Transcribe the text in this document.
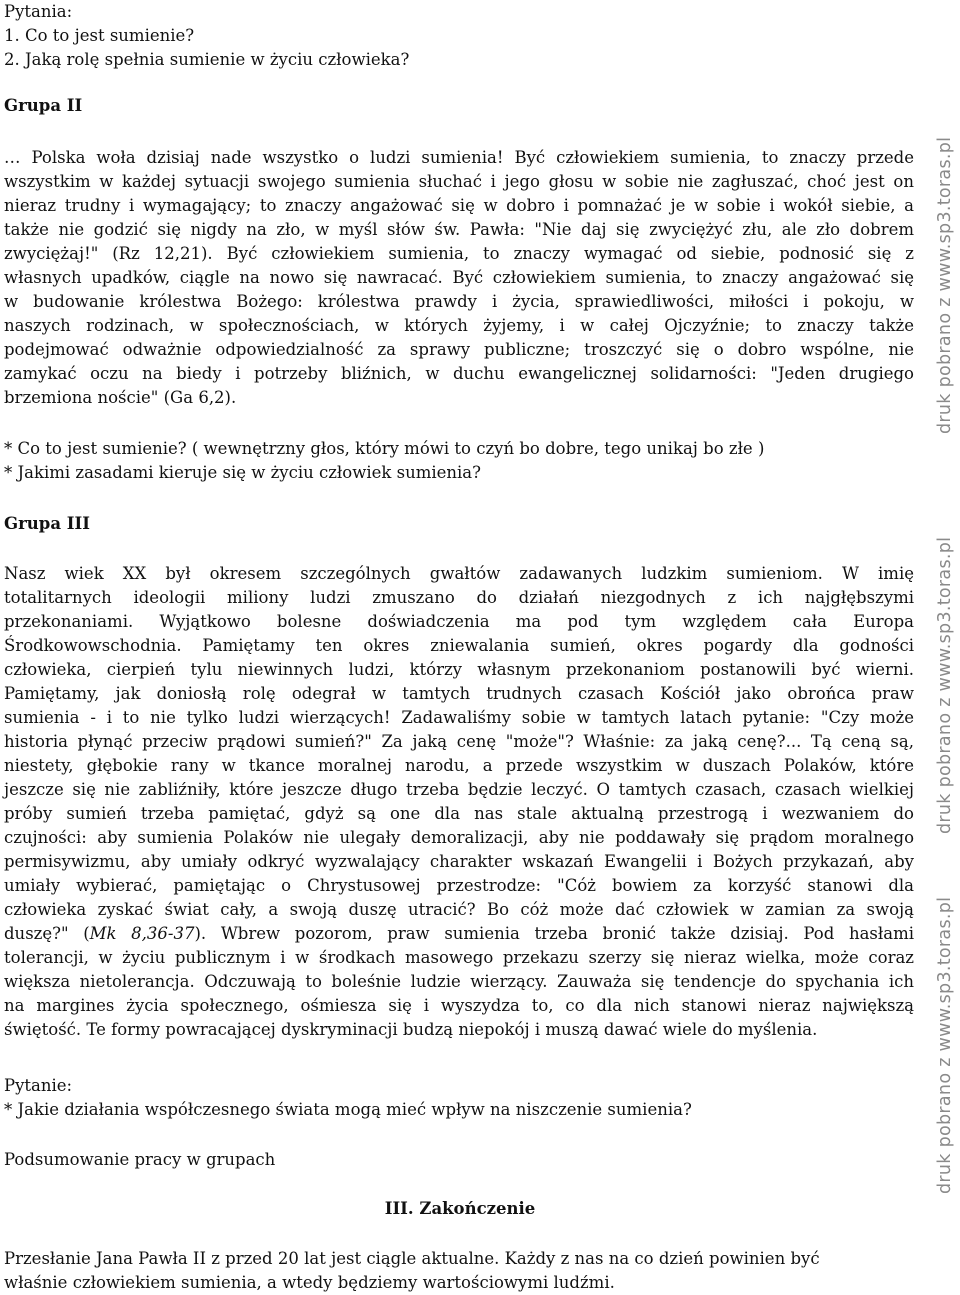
Pytania:
1. Co to jest sumienie?
2. Jaką rolę spełnia sumienie w życiu człowieka?
Grupa II
… Polska woła dzisiaj nade wszystko o ludzi sumienia! Być człowiekiem sumienia, to znaczy przede
wszystkim w każdej sytuacji swojego sumienia słuchać i jego głosu w sobie nie zagłuszać, choć jest on
nieraz trudny i wymagający; to znaczy angażować się w dobro i pomnażać je w sobie i wokół siebie, a
także nie godzić się nigdy na zło, w myśl słów św. Pawła: "Nie daj się zwyciężyć złu, ale zło dobrem
zwyciężaj!" (Rz 12,21). Być człowiekiem sumienia, to znaczy wymagać od siebie, podnosić się z
własnych upadków, ciągle na nowo się nawracać. Być człowiekiem sumienia, to znaczy angażować się
w budowanie królestwa Bożego: królestwa prawdy i życia, sprawiedliwości, miłości i pokoju, w
naszych rodzinach, w społecznościach, w których żyjemy, i w całej Ojczyźnie; to znaczy także
podejmować odważnie odpowiedzialność za sprawy publiczne; troszczyć się o dobro wspólne, nie
zamykać oczu na biedy i potrzeby bliźnich, w duchu ewangelicznej solidarności: "Jeden drugiego
brzemiona noście" (Ga 6,2).
* Co to jest sumienie? ( wewnętrzny głos, który mówi to czyń bo dobre, tego unikaj bo złe )
* Jakimi zasadami kieruje się w życiu człowiek sumienia?
Grupa III
Nasz wiek XX był okresem szczególnych gwałtów zadawanych ludzkim sumieniom. W imię
totalitarnych ideologii miliony ludzi zmuszano do działań niezgodnych z ich najgłębszymi
przekonaniami. Wyjątkowo bolesne doświadczenia ma pod tym względem cała Europa
Środkowowschodnia. Pamiętamy ten okres zniewalania sumień, okres pogardy dla godności
człowieka, cierpień tylu niewinnych ludzi, którzy własnym przekonaniom postanowili być wierni.
Pamiętamy, jak doniosłą rolę odegrał w tamtych trudnych czasach Kościół jako obrońca praw
sumienia - i to nie tylko ludzi wierzących! Zadawaliśmy sobie w tamtych latach pytanie: "Czy może
historia płynąć przeciw prądowi sumień?" Za jaką cenę "może"? Właśnie: za jaką cenę?... Tą ceną są,
niestety, głębokie rany w tkance moralnej narodu, a przede wszystkim w duszach Polaków, które
jeszcze się nie zabliźniły, które jeszcze długo trzeba będzie leczyć. O tamtych czasach, czasach wielkiej
próby sumień trzeba pamiętać, gdyż są one dla nas stale aktualną przestrogą i wezwaniem do
czujności: aby sumienia Polaków nie ulegały demoralizacji, aby nie poddawały się prądom moralnego
permisywizmu, aby umiały odkryć wyzwalający charakter wskazań Ewangelii i Bożych przykazań, aby
umiały wybierać, pamiętając o Chrystusowej przestrodze: "Cóż bowiem za korzyść stanowi dla
człowieka zyskać świat cały, a swoją duszę utracić? Bo cóż może dać człowiek w zamian za swoją
duszę?" (Mk 8,36-37). Wbrew pozorom, praw sumienia trzeba bronić także dzisiaj. Pod hasłami
tolerancji, w życiu publicznym i w środkach masowego przekazu szerzy się nieraz wielka, może coraz
większa nietolerancja. Odczuwają to boleśnie ludzie wierzący. Zauważa się tendencje do spychania ich
na margines życia społecznego, ośmiesza się i wyszydza to, co dla nich stanowi nieraz największą
świętość. Te formy powracającej dyskryminacji budzą niepokój i muszą dawać wiele do myślenia.
Pytanie:
* Jakie działania współczesnego świata mogą mieć wpływ na niszczenie sumienia?
Podsumowanie pracy w grupach
III. Zakończenie
Przesłanie Jana Pawła II z przed 20 lat jest ciągle aktualne. Każdy z nas na co dzień powinien być
właśnie człowiekiem sumienia, a wtedy będziemy wartościowymi ludźmi.
druk pobrano z www.sp3.toras.pl
druk pobrano z www.sp3.toras.pl
druk pobrano z www.sp3.toras.pl
